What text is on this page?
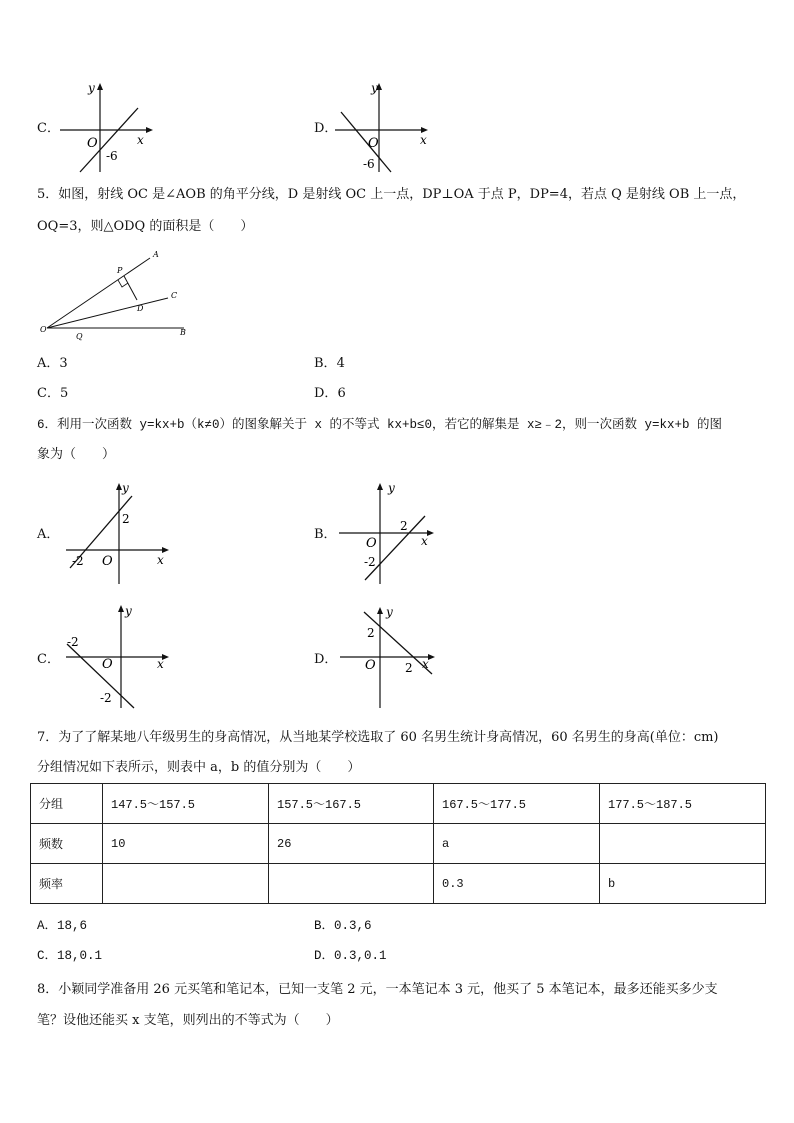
C．
y
x
O
-6
D．
y
x
O
-6
5．如图，射线 OC 是∠AOB 的角平分线，D 是射线 OC 上一点，DP⊥OA 于点 P，DP=4，若点 Q 是射线 OB 上一点，
OQ=3，则△ODQ 的面积是（　　）
A
P
C
D
O
Q	B
A．3	B．4
C．5	D．6
6．利用一次函数 y=kx+b（k≠0）的图象解关于 x 的不等式 kx+b≤0，若它的解集是 x≥﹣2，则一次函数 y=kx+b 的图
象为（　　）
A．
y
x
O
2
-2
B．
y
x
O
2
-2
C．
y
x
O
-2
-2
D．
y
x
O
2
2
7．为了了解某地八年级男生的身高情况，从当地某学校选取了 60 名男生统计身高情况，60 名男生的身高(单位：cm)
分组情况如下表所示，则表中 a，b 的值分别为（　　）
分组	147.5～157.5	157.5～167.5	167.5～177.5	177.5～187.5
频数	10	26	a	
频率			0.3	b
A．18,6	B．0.3,6
C．18,0.1	D．0.3,0.1
8．小颖同学准备用 26 元买笔和笔记本，已知一支笔 2 元，一本笔记本 3 元，他买了 5 本笔记本，最多还能买多少支
笔？设他还能买 x 支笔，则列出的不等式为（　　）
